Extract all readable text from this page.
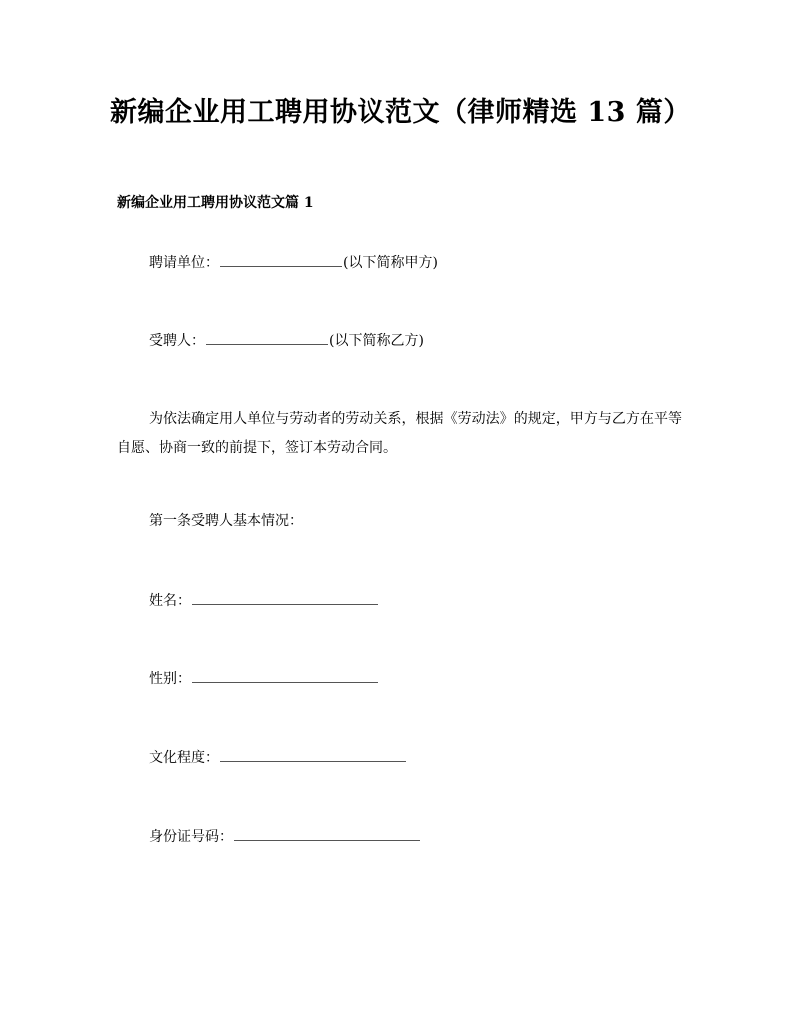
新编企业用工聘用协议范文（律师精选 13 篇）
新编企业用工聘用协议范文篇 1
聘请单位：	(以下简称甲方)
受聘人：	(以下简称乙方)
为依法确定用人单位与劳动者的劳动关系，根据《劳动法》的规定，甲方与乙方在平等自愿、协商一致的前提下，签订本劳动合同。
第一条受聘人基本情况：
姓名：
性别：
文化程度：
身份证号码：
